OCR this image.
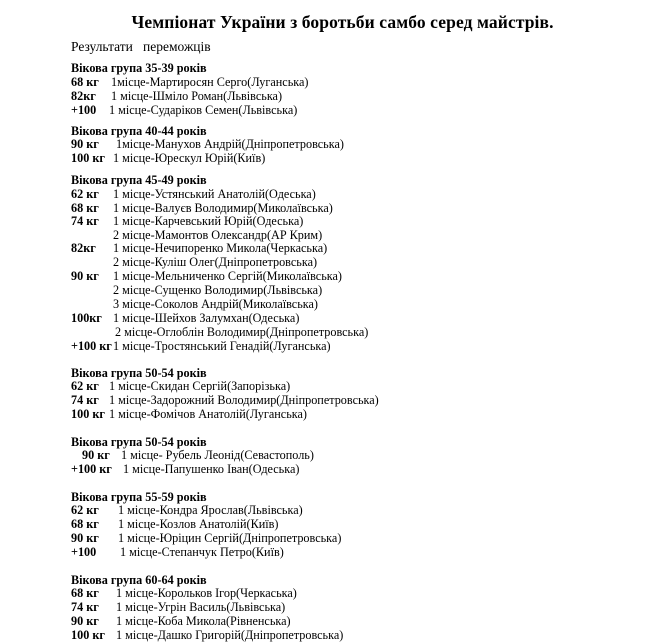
Чемпіонат України з боротьби самбо серед майстрів.
Результати   переможців
Вікова група 35-39 років
68 кг 1місце-Мартиросян Серго(Луганська)
82кг 1 місце-Шміло Роман(Львівська)
+100 1 місце-Сударіков Семен(Львівська)
Вікова група 40-44 років
90 кг 1місце-Манухов Андрій(Дніпропетровська)
100 кг 1 місце-Юрескул Юрій(Київ)
Вікова група 45-49 років
62 кг 1 місце-Устянський Анатолій(Одеська)
68 кг 1 місце-Валуєв Володимир(Миколаївська)
74 кг 1 місце-Карчевський Юрій(Одеська)
2 місце-Мамонтов Олександр(АР Крим)
82кг 1 місце-Нечипоренко Микола(Черкаська)
2 місце-Куліш Олег(Дніпропетровська)
90 кг 1 місце-Мельниченко Сергій(Миколаївська)
2 місце-Сущенко Володимир(Львівська)
3 місце-Соколов Андрій(Миколаївська)
100кг 1 місце-Шейхов Залумхан(Одеська)
2 місце-Оглоблін Володимир(Дніпропетровська)
+100 кг 1 місце-Тростянський Генадій(Луганська)
Вікова група 50-54 років
62 кг 1 місце-Скидан Сергій(Запорізька)
74 кг 1 місце-Задорожний Володимир(Дніпропетровська)
100 кг 1 місце-Фомічов Анатолій(Луганська)
Вікова група 50-54 років
90 кг 1 місце- Рубель Леонід(Севастополь)
+100 кг 1 місце-Папушенко Іван(Одеська)
Вікова група 55-59 років
62 кг 1 місце-Кондра Ярослав(Львівська)
68 кг 1 місце-Козлов Анатолій(Київ)
90 кг 1 місце-Юріцин Сергій(Дніпропетровська)
+100 1 місце-Степанчук Петро(Київ)
Вікова група 60-64 років
68 кг 1 місце-Корольков Ігор(Черкаська)
74 кг 1 місце-Угрін Василь(Львівська)
90 кг 1 місце-Коба Микола(Рівненська)
100 кг 1 місце-Дашко Григорій(Дніпропетровська)
